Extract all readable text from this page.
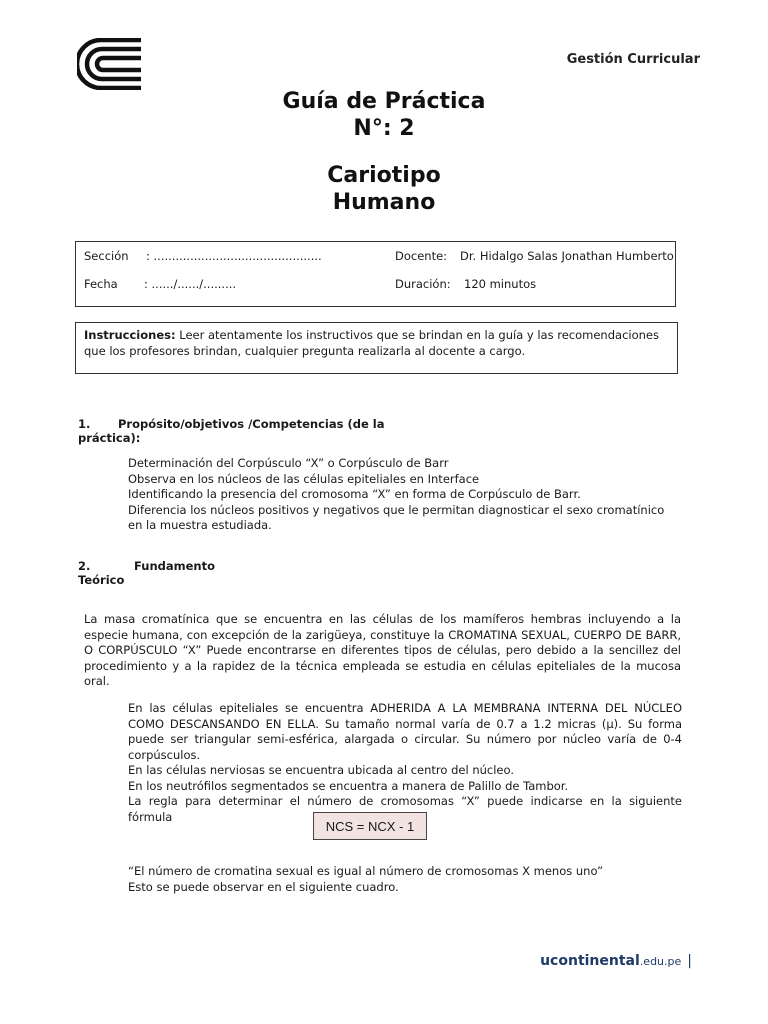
Gestión Curricular
Guía de Práctica
N°: 2
Cariotipo
Humano
Sección : ..............................................	Docente: Dr. Hidalgo Salas Jonathan Humberto
Fecha : ....../....../.........	Duración: 120 minutos
Instrucciones: Leer atentamente los instructivos que se brindan en la guía y las recomendaciones que los profesores brindan, cualquier pregunta realizarla al docente a cargo.
1. Propósito/objetivos /Competencias (de la
práctica):
Determinación del Corpúsculo “X” o Corpúsculo de Barr
Observa en los núcleos de las células epiteliales en Interface
Identificando la presencia del cromosoma “X” en forma de Corpúsculo de Barr.
Diferencia los núcleos positivos y negativos que le permitan diagnosticar el sexo cromatínico en la muestra estudiada.
2.	Fundamento
Teórico
La masa cromatínica que se encuentra en las células de los mamíferos hembras incluyendo a la especie humana, con excepción de la zarigüeya, constituye la CROMATINA SEXUAL, CUERPO DE BARR, O CORPÚSCULO “X” Puede encontrarse en diferentes tipos de células, pero debido a la sencillez del procedimiento y a la rapidez de la técnica empleada se estudia en células epiteliales de la mucosa oral.
En las células epiteliales se encuentra ADHERIDA A LA MEMBRANA INTERNA DEL NÚCLEO COMO DESCANSANDO EN ELLA. Su tamaño normal varía de 0.7 a 1.2 micras (μ). Su forma puede ser triangular semi-esférica, alargada o circular. Su número por núcleo varía de 0-4 corpúsculos.
En las células nerviosas se encuentra ubicada al centro del núcleo.
En los neutrófilos segmentados se encuentra a manera de Palillo de Tambor.
La regla para determinar el número de cromosomas “X” puede indicarse en la siguiente fórmula
NCS = NCX - 1
“El número de cromatina sexual es igual al número de cromosomas X menos uno”
Esto se puede observar en el siguiente cuadro.
ucontinental.edu.pe |
